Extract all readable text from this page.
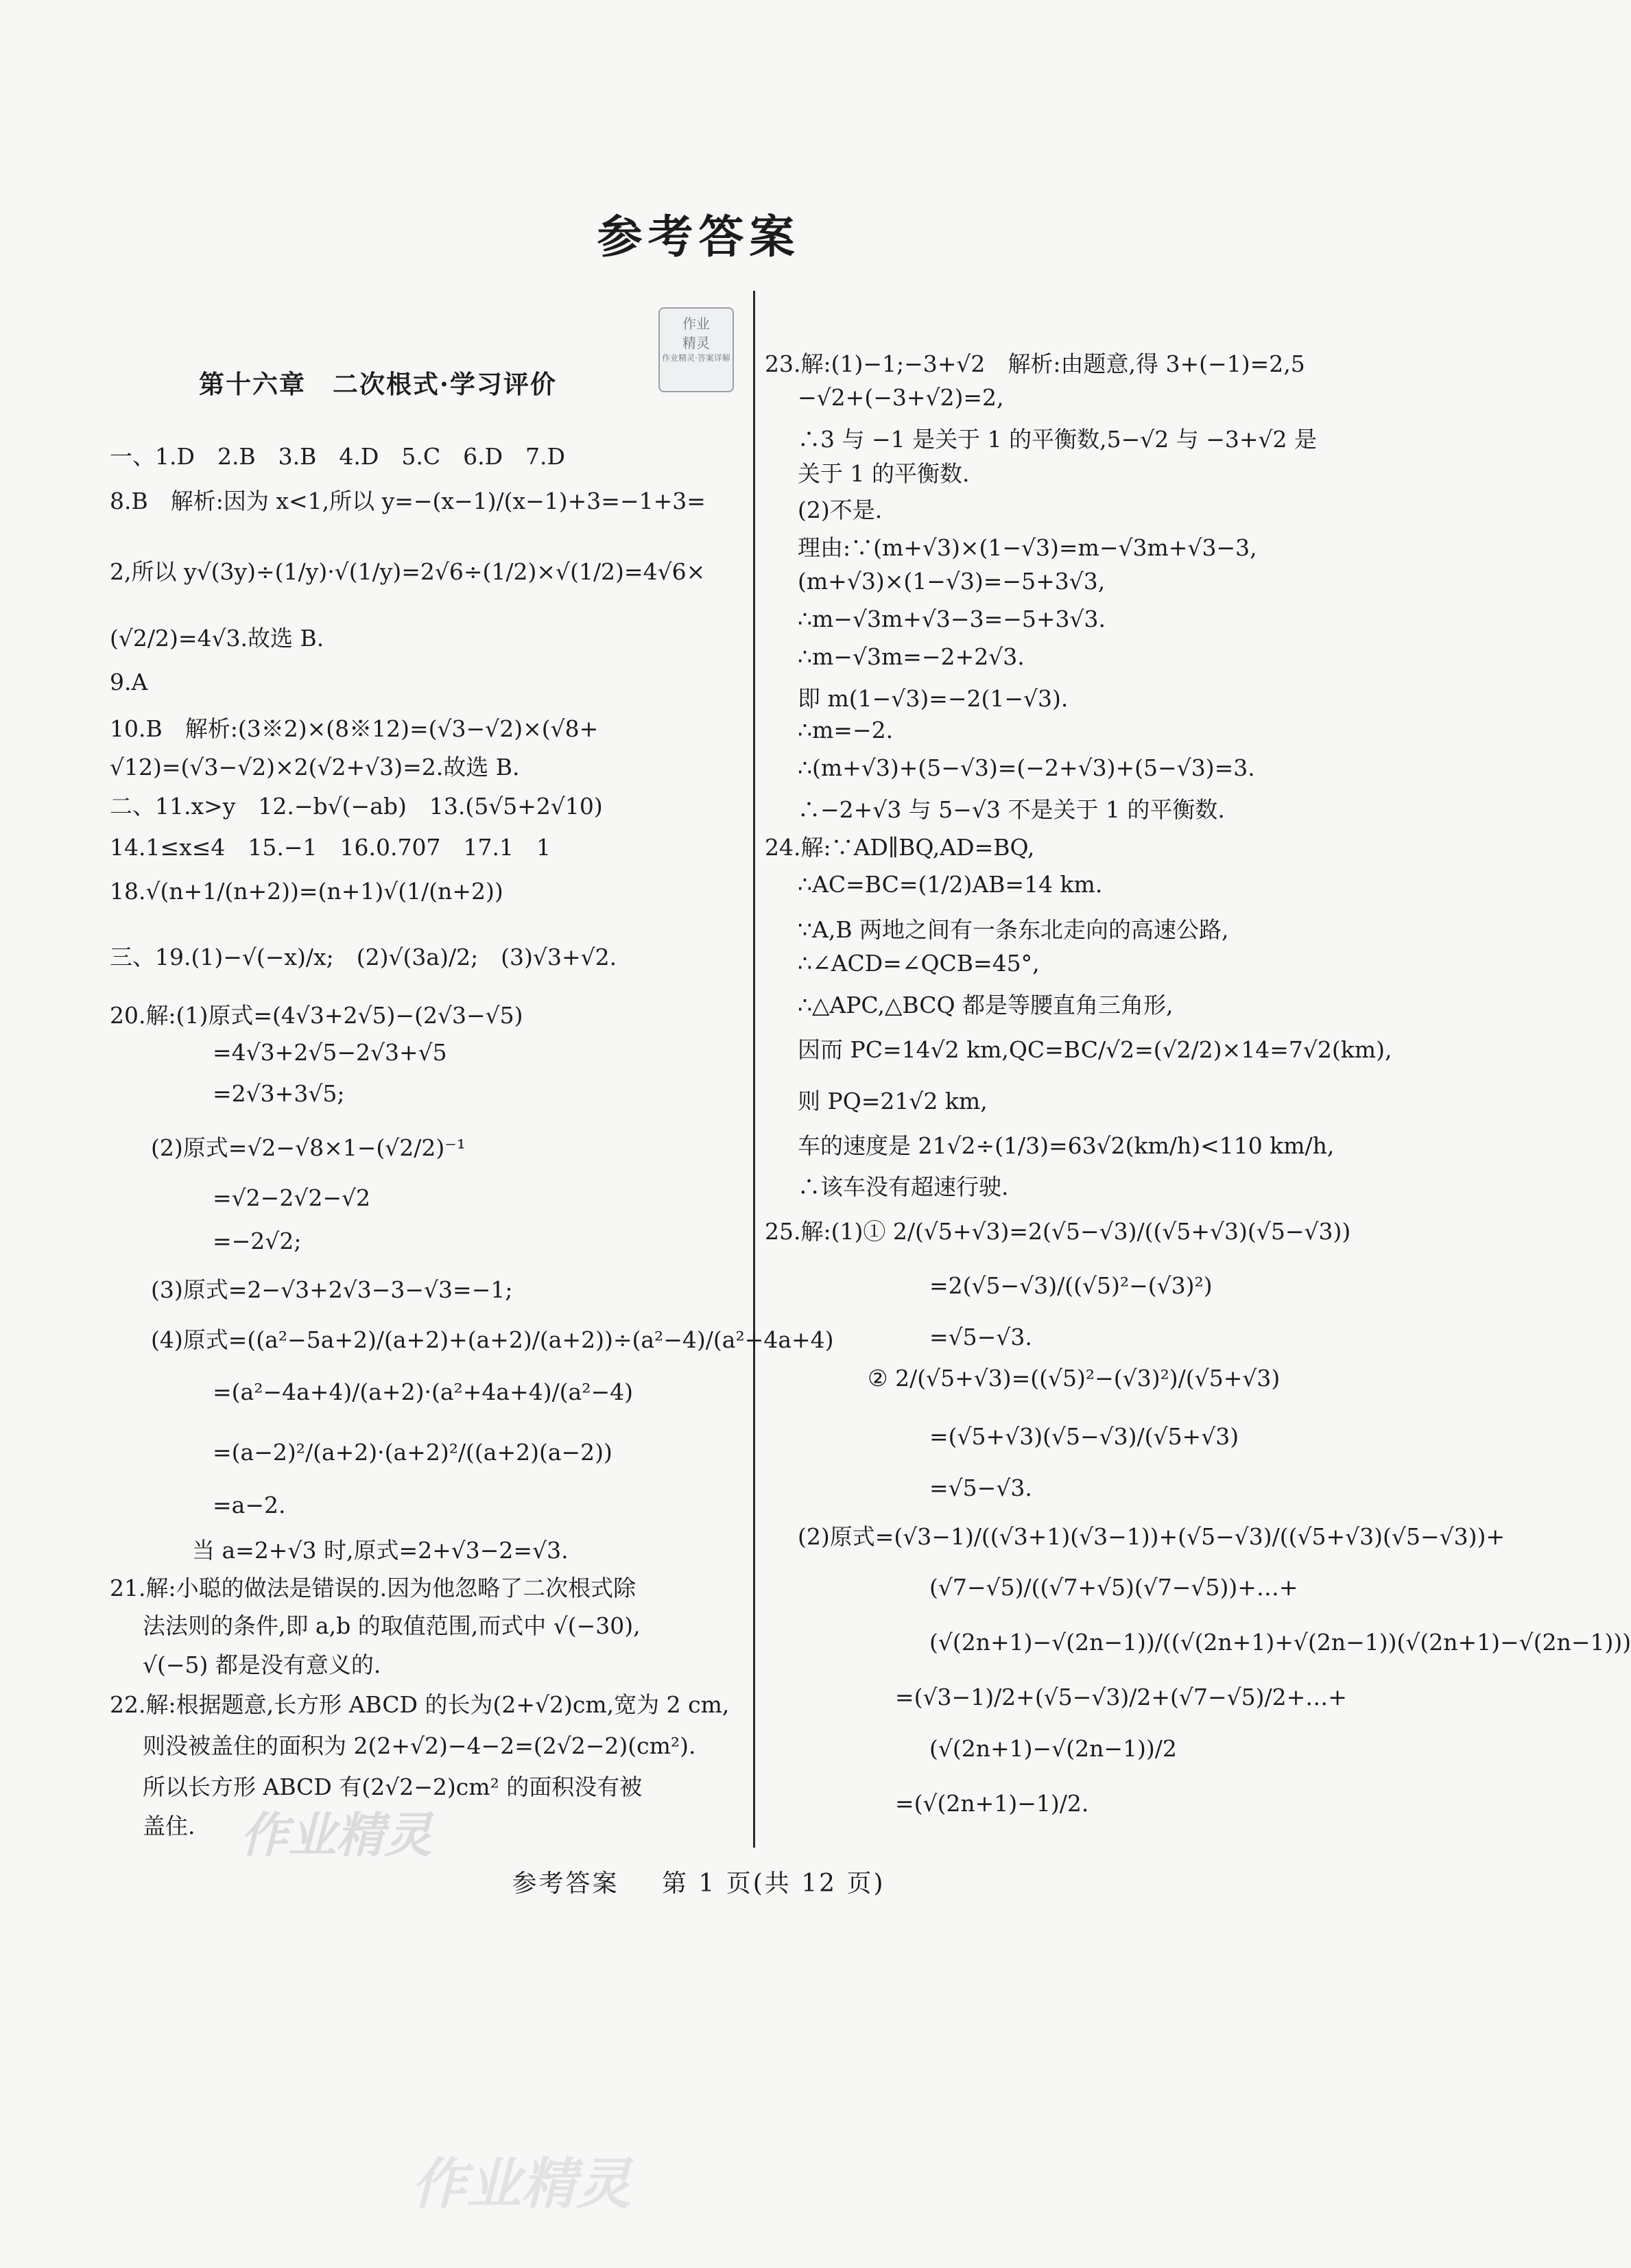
参考答案
作业
精灵
作业精灵·答案详解
第十六章　二次根式·学习评价
一、1.D　2.B　3.B　4.D　5.C　6.D　7.D
8.B　解析:因为 x<1,所以 y=−(x−1)/(x−1)+3=−1+3=
2,所以 y√(3y)÷(1/y)·√(1/y)=2√6÷(1/2)×√(1/2)=4√6×
(√2/2)=4√3.故选 B.
9.A
10.B　解析:(3※2)×(8※12)=(√3−√2)×(√8+
√12)=(√3−√2)×2(√2+√3)=2.故选 B.
二、11.x>y　12.−b√(−ab)　13.(5√5+2√10)
14.1≤x≤4　15.−1　16.0.707　17.1　1
18.√(n+1/(n+2))=(n+1)√(1/(n+2))
三、19.(1)−√(−x)/x;　(2)√(3a)/2;　(3)√3+√2.
20.解:(1)原式=(4√3+2√5)−(2√3−√5)
=4√3+2√5−2√3+√5
=2√3+3√5;
(2)原式=√2−√8×1−(√2/2)⁻¹
=√2−2√2−√2
=−2√2;
(3)原式=2−√3+2√3−3−√3=−1;
(4)原式=((a²−5a+2)/(a+2)+(a+2)/(a+2))÷(a²−4)/(a²+4a+4)
=(a²−4a+4)/(a+2)·(a²+4a+4)/(a²−4)
=(a−2)²/(a+2)·(a+2)²/((a+2)(a−2))
=a−2.
当 a=2+√3 时,原式=2+√3−2=√3.
21.解:小聪的做法是错误的.因为他忽略了二次根式除
法法则的条件,即 a,b 的取值范围,而式中 √(−30),
√(−5) 都是没有意义的.
22.解:根据题意,长方形 ABCD 的长为(2+√2)cm,宽为 2 cm,
则没被盖住的面积为 2(2+√2)−4−2=(2√2−2)(cm²).
所以长方形 ABCD 有(2√2−2)cm² 的面积没有被
盖住.
23.解:(1)−1;−3+√2　解析:由题意,得 3+(−1)=2,5
−√2+(−3+√2)=2,
∴3 与 −1 是关于 1 的平衡数,5−√2 与 −3+√2 是
关于 1 的平衡数.
(2)不是.
理由:∵(m+√3)×(1−√3)=m−√3m+√3−3,
(m+√3)×(1−√3)=−5+3√3,
∴m−√3m+√3−3=−5+3√3.
∴m−√3m=−2+2√3.
即 m(1−√3)=−2(1−√3).
∴m=−2.
∴(m+√3)+(5−√3)=(−2+√3)+(5−√3)=3.
∴−2+√3 与 5−√3 不是关于 1 的平衡数.
24.解:∵AD∥BQ,AD=BQ,
∴AC=BC=(1/2)AB=14 km.
∵A,B 两地之间有一条东北走向的高速公路,
∴∠ACD=∠QCB=45°,
∴△APC,△BCQ 都是等腰直角三角形,
因而 PC=14√2 km,QC=BC/√2=(√2/2)×14=7√2(km),
则 PQ=21√2 km,
车的速度是 21√2÷(1/3)=63√2(km/h)<110 km/h,
∴该车没有超速行驶.
25.解:(1)① 2/(√5+√3)=2(√5−√3)/((√5+√3)(√5−√3))
=2(√5−√3)/((√5)²−(√3)²)
=√5−√3.
② 2/(√5+√3)=((√5)²−(√3)²)/(√5+√3)
=(√5+√3)(√5−√3)/(√5+√3)
=√5−√3.
(2)原式=(√3−1)/((√3+1)(√3−1))+(√5−√3)/((√5+√3)(√5−√3))+
(√7−√5)/((√7+√5)(√7−√5))+…+
(√(2n+1)−√(2n−1))/((√(2n+1)+√(2n−1))(√(2n+1)−√(2n−1)))
=(√3−1)/2+(√5−√3)/2+(√7−√5)/2+…+
(√(2n+1)−√(2n−1))/2
=(√(2n+1)−1)/2.
参考答案 第 1 页(共 12 页)
作业精灵
作业精灵
